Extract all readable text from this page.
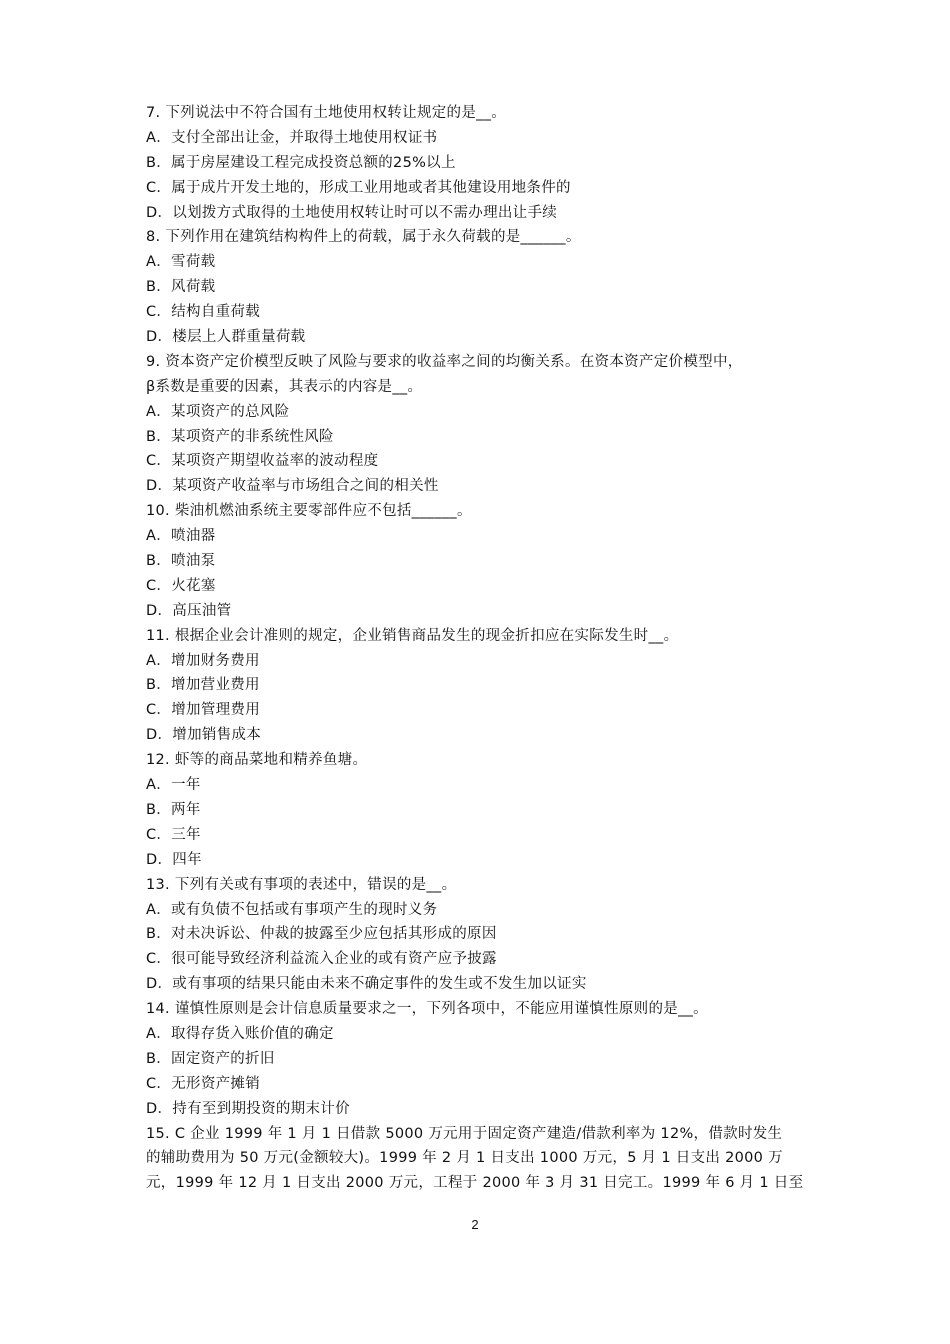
7. 下列说法中不符合国有土地使用权转让规定的是__。
A．支付全部出让金，并取得土地使用权证书
B．属于房屋建设工程完成投资总额的25%以上
C．属于成片开发土地的，形成工业用地或者其他建设用地条件的
D．以划拨方式取得的土地使用权转让时可以不需办理出让手续
8. 下列作用在建筑结构构件上的荷载，属于永久荷载的是______。
A．雪荷载
B．风荷载
C．结构自重荷载
D．楼层上人群重量荷载
9. 资本资产定价模型反映了风险与要求的收益率之间的均衡关系。在资本资产定价模型中，
β系数是重要的因素，其表示的内容是__。
A．某项资产的总风险
B．某项资产的非系统性风险
C．某项资产期望收益率的波动程度
D．某项资产收益率与市场组合之间的相关性
10. 柴油机燃油系统主要零部件应不包括______。
A．喷油器
B．喷油泵
C．火花塞
D．高压油管
11. 根据企业会计准则的规定，企业销售商品发生的现金折扣应在实际发生时__。
A．增加财务费用
B．增加营业费用
C．增加管理费用
D．增加销售成本
12. 虾等的商品菜地和精养鱼塘。
A．一年
B．两年
C．三年
D．四年
13. 下列有关或有事项的表述中，错误的是__。
A．或有负债不包括或有事项产生的现时义务
B．对未决诉讼、仲裁的披露至少应包括其形成的原因
C．很可能导致经济利益流入企业的或有资产应予披露
D．或有事项的结果只能由未来不确定事件的发生或不发生加以证实
14. 谨慎性原则是会计信息质量要求之一，下列各项中，不能应用谨慎性原则的是__。
A．取得存货入账价值的确定
B．固定资产的折旧
C．无形资产摊销
D．持有至到期投资的期末计价
15. C 企业 1999 年 1 月 1 日借款 5000 万元用于固定资产建造/借款利率为 12%，借款时发生
的辅助费用为 50 万元(金额较大)。1999 年 2 月 1 日支出 1000 万元，5 月 1 日支出 2000 万
元，1999 年 12 月 1 日支出 2000 万元，工程于 2000 年 3 月 31 日完工。1999 年 6 月 1 日至
2
